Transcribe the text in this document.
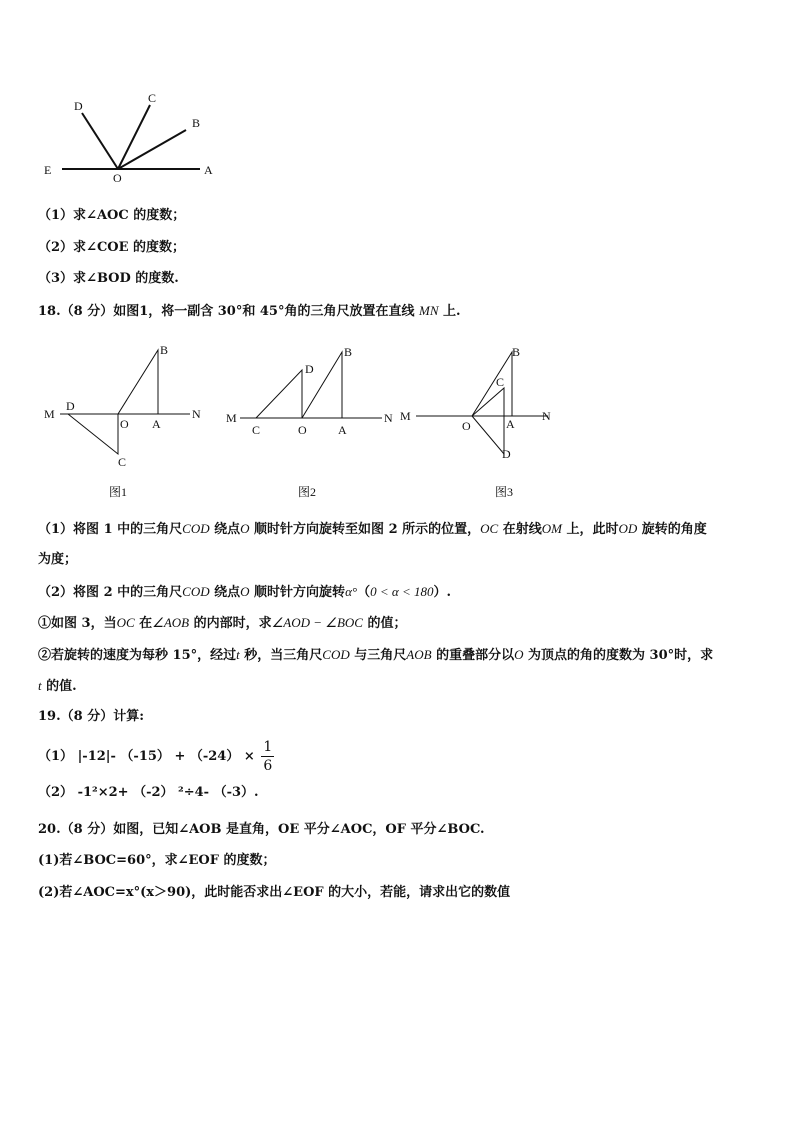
D
C
B
E
O
A
（1）求∠AOC 的度数；
（2）求∠COE 的度数；
（3）求∠BOD 的度数.
18.（8 分）如图1，将一副含 30°和 45°角的三角尺放置在直线 MN 上.
B
M
D
O A
N
C
图1
B
D
M
C	O	A
N
图2
B
C
M
O	A
N
D
图3
（1）将图 1 中的三角尺COD 绕点O 顺时针方向旋转至如图 2 所示的位置，OC 在射线OM 上，此时OD 旋转的角度
为度；
（2）将图 2 中的三角尺COD 绕点O 顺时针方向旋转α°（0 < α < 180）.
①如图 3，当OC 在∠AOB 的内部时，求∠AOD − ∠BOC 的值；
②若旋转的速度为每秒 15°，经过t 秒，当三角尺COD 与三角尺AOB 的重叠部分以O 为顶点的角的度数为 30°时，求
t 的值.
19.（8 分）计算:
（1） |-12|- $(-15) + (-24) \times \frac{1}{6}$
（2） -1²×2+ （-2） ²÷4- （-3）.
20.（8 分）如图，已知∠AOB 是直角，OE 平分∠AOC，OF 平分∠BOC.
(1)若∠BOC=60°，求∠EOF 的度数；
(2)若∠AOC=x°(x＞90)，此时能否求出∠EOF 的大小，若能，请求出它的数值
